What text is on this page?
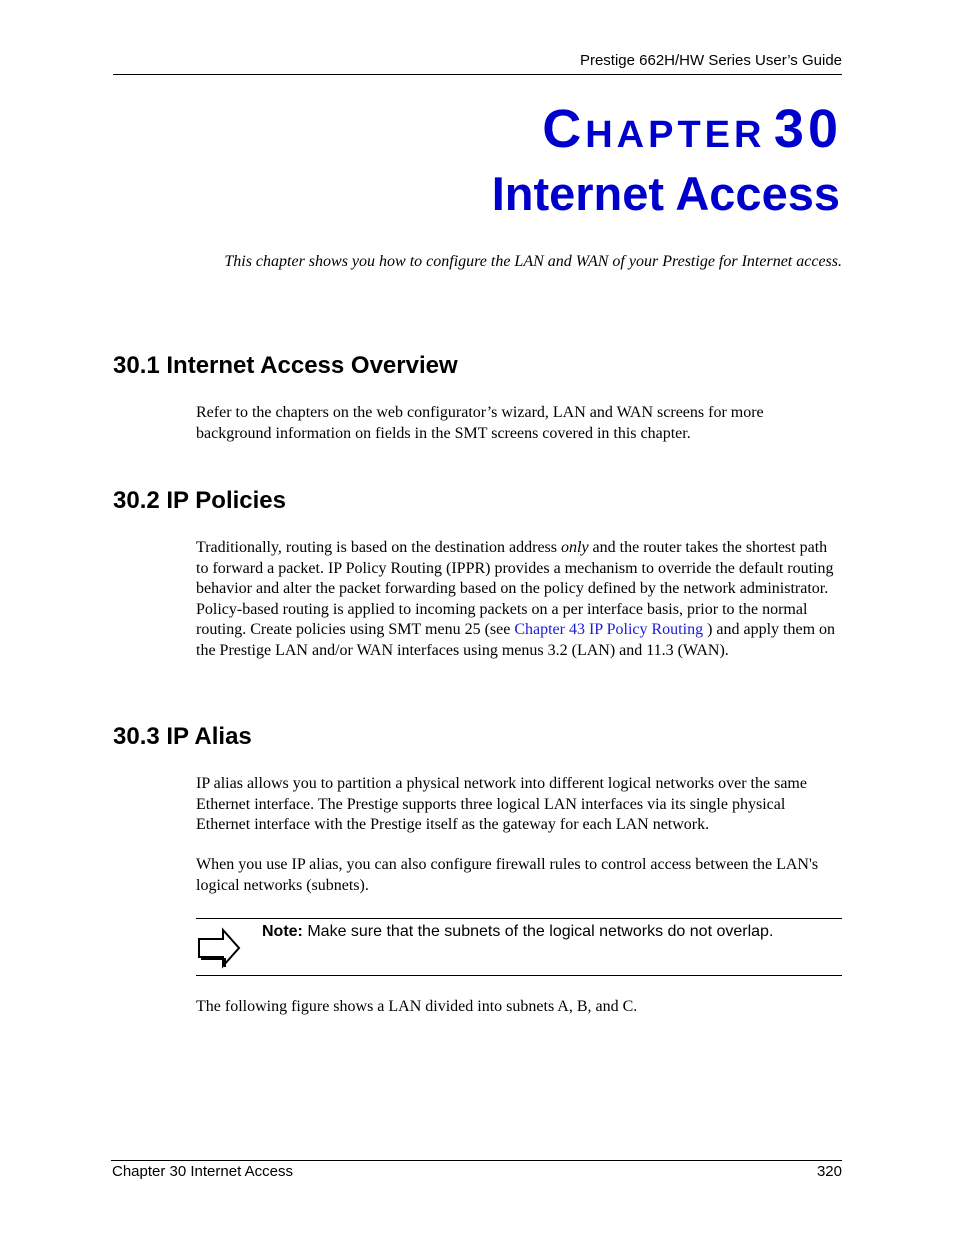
Prestige 662H/HW Series User’s Guide
CHAPTER 30
Internet Access
This chapter shows you how to configure the LAN and WAN of your Prestige for Internet access.
30.1 Internet Access Overview
Refer to the chapters on the web configurator’s wizard, LAN and WAN screens for more background information on fields in the SMT screens covered in this chapter.
30.2 IP Policies
Traditionally, routing is based on the destination address only and the router takes the shortest path to forward a packet. IP Policy Routing (IPPR) provides a mechanism to override the default routing behavior and alter the packet forwarding based on the policy defined by the network administrator. Policy-based routing is applied to incoming packets on a per interface basis, prior to the normal routing. Create policies using SMT menu 25 (see Chapter 43 IP Policy Routing ) and apply them on the Prestige LAN and/or WAN interfaces using menus 3.2 (LAN) and 11.3 (WAN).
30.3 IP Alias
IP alias allows you to partition a physical network into different logical networks over the same Ethernet interface. The Prestige supports three logical LAN interfaces via its single physical Ethernet interface with the Prestige itself as the gateway for each LAN network.
When you use IP alias, you can also configure firewall rules to control access between the LAN's logical networks (subnets).
Note: Make sure that the subnets of the logical networks do not overlap.
The following figure shows a LAN divided into subnets A, B, and C.
Chapter 30 Internet Access	320
